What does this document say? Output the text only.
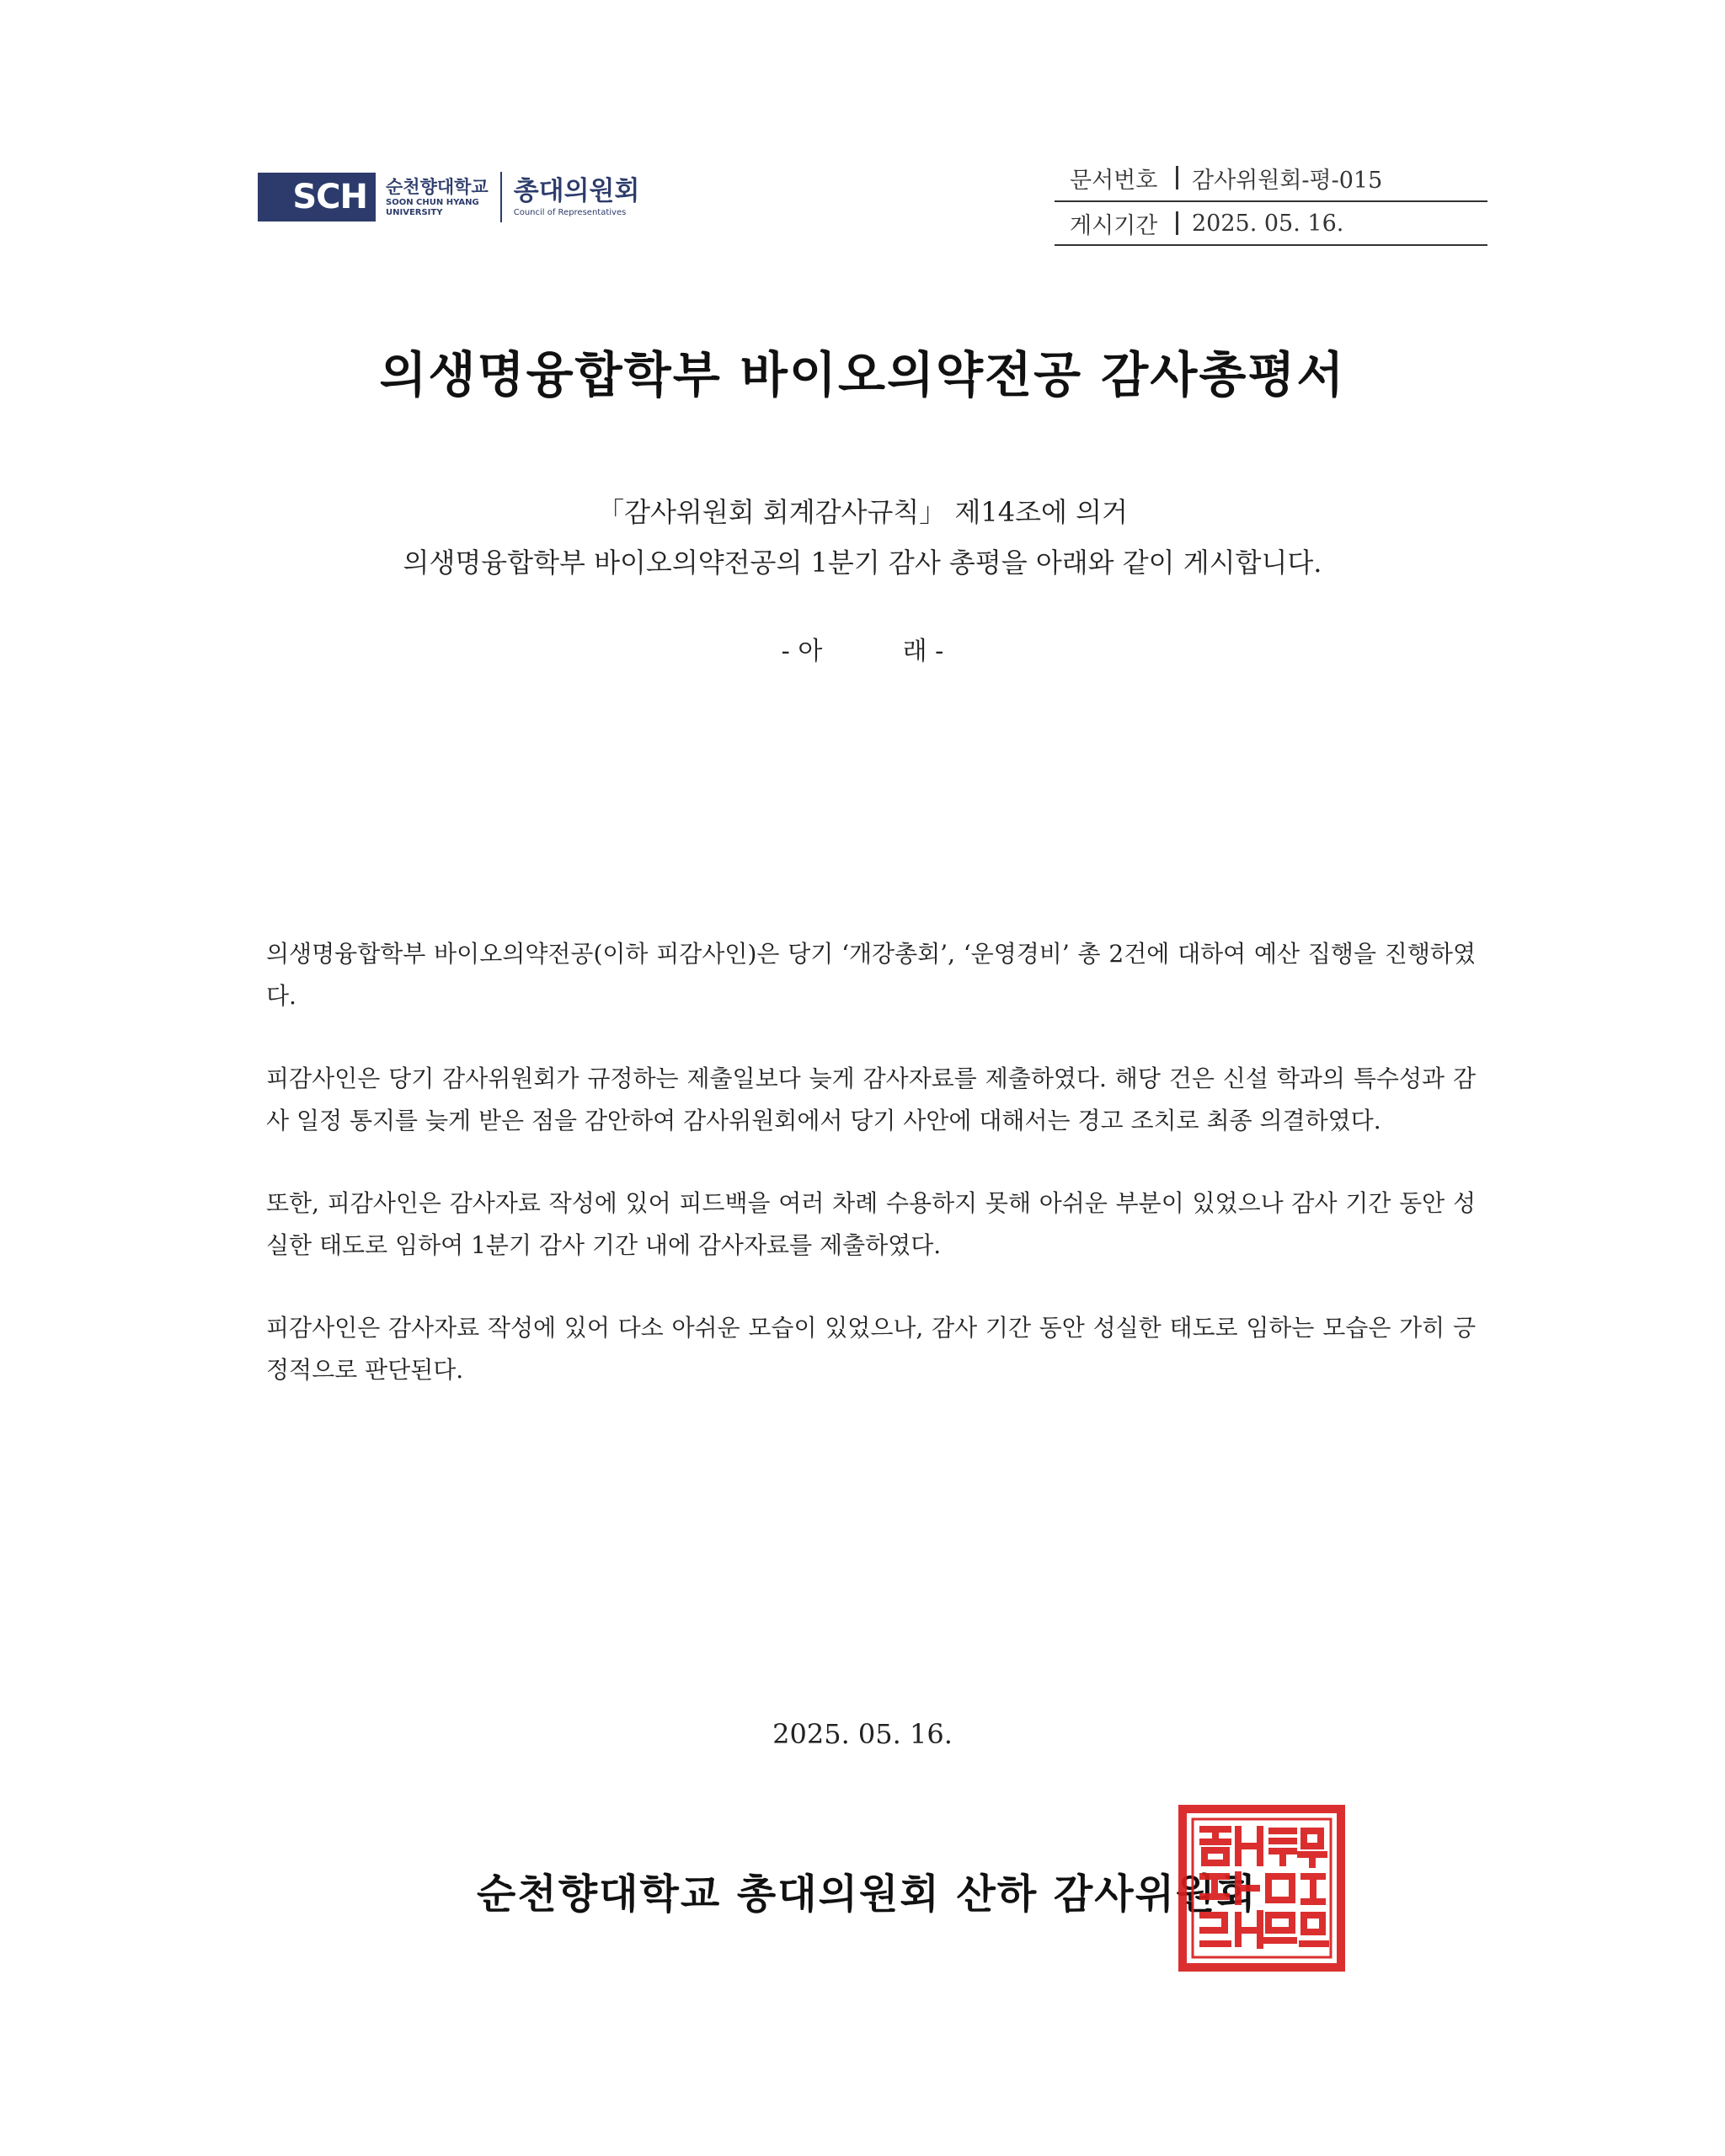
SCH 순천향대학교
SOON CHUN HYANG
UNIVERSITY
총대의원회
Council of Representatives
문서번호	감사위원회-평-015
게시기간	2025. 05. 16.
의생명융합학부 바이오의약전공 감사총평서
「감사위원회 회계감사규칙」 제14조에 의거
의생명융합학부 바이오의약전공의 1분기 감사 총평을 아래와 같이 게시합니다.
- 아          래 -

의생명융합학부 바이오의약전공(이하 피감사인)은 당기 ‘개강총회’, ‘운영경비’ 총 2건에 대하여 예산 집행을 진행하였다.

피감사인은 당기 감사위원회가 규정하는 제출일보다 늦게 감사자료를 제출하였다. 해당 건은 신설 학과의 특수성과 감사 일정 통지를 늦게 받은 점을 감안하여 감사위원회에서 당기 사안에 대해서는 경고 조치로 최종 의결하였다.

또한, 피감사인은 감사자료 작성에 있어 피드백을 여러 차례 수용하지 못해 아쉬운 부분이 있었으나 감사 기간 동안 성실한 태도로 임하여 1분기 감사 기간 내에 감사자료를 제출하였다.

피감사인은 감사자료 작성에 있어 다소 아쉬운 모습이 있었으나, 감사 기간 동안 성실한 태도로 임하는 모습은 가히 긍정적으로 판단된다.

2025. 05. 16.
순천향대학교 총대의원회 산하 감사위원회
